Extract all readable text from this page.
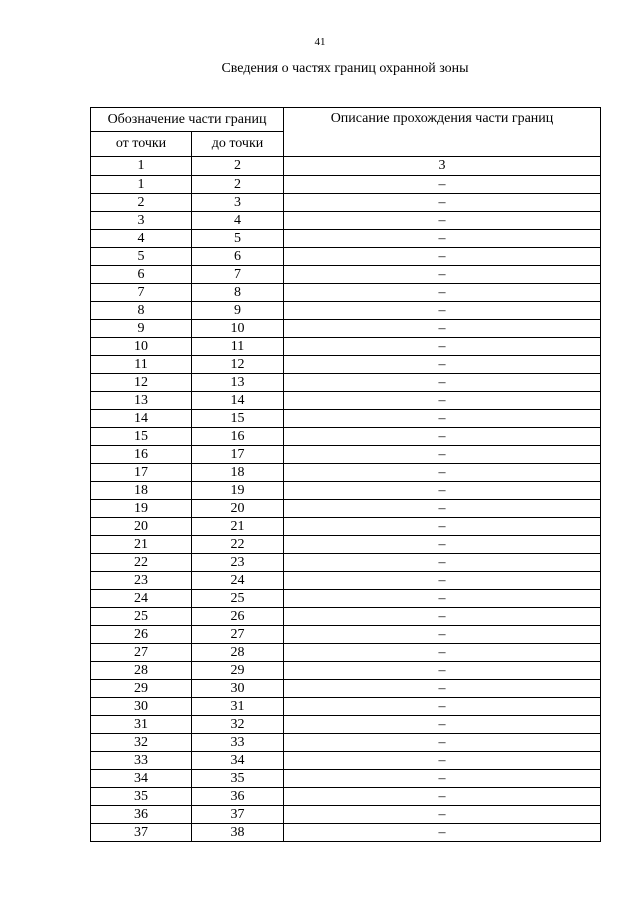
41
Сведения о частях границ охранной зоны
Обозначение части границ		Описание прохождения части границ
от точки	до точки	
1	2	3
1	2	–
2	3	–
3	4	–
4	5	–
5	6	–
6	7	–
7	8	–
8	9	–
9	10	–
10	11	–
11	12	–
12	13	–
13	14	–
14	15	–
15	16	–
16	17	–
17	18	–
18	19	–
19	20	–
20	21	–
21	22	–
22	23	–
23	24	–
24	25	–
25	26	–
26	27	–
27	28	–
28	29	–
29	30	–
30	31	–
31	32	–
32	33	–
33	34	–
34	35	–
35	36	–
36	37	–
37	38	–
